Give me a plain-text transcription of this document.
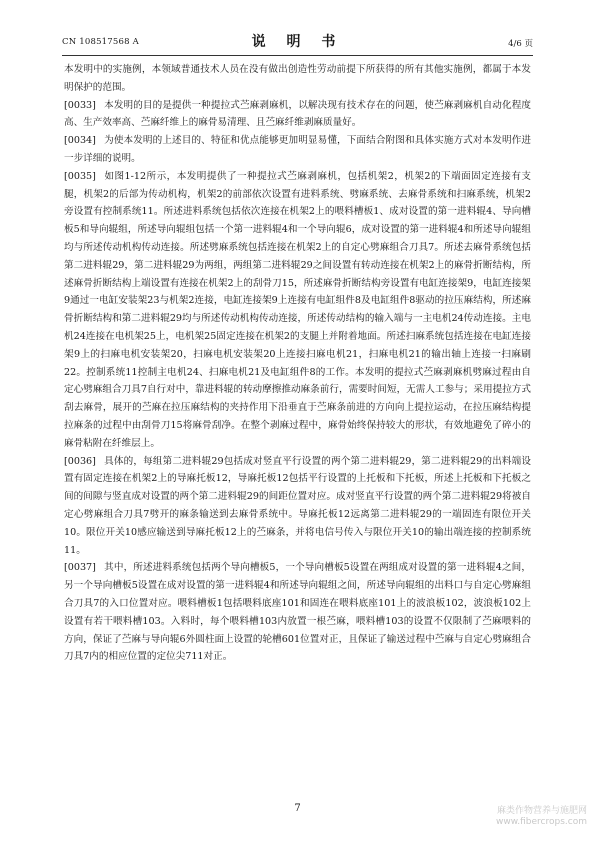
CN 108517568 A	说 明 书	4/6 页

本发明中的实施例，本领域普通技术人员在没有做出创造性劳动前提下所获得的所有其他实施例，都属于本发明保护的范围。

[0033] 本发明的目的是提供一种提拉式苎麻剥麻机，以解决现有技术存在的问题，使苎麻剥麻机自动化程度高、生产效率高、苎麻纤维上的麻骨易清理、且苎麻纤维剥麻质量好。

[0034] 为使本发明的上述目的、特征和优点能够更加明显易懂，下面结合附图和具体实施方式对本发明作进一步详细的说明。

[0035] 如图1-12所示，本发明提供了一种提拉式苎麻剥麻机，包括机架2，机架2的下端面固定连接有支腿，机架2的后部为传动机构，机架2的前部依次设置有进料系统、劈麻系统、去麻骨系统和扫麻系统，机架2旁设置有控制系统11。所述进料系统包括依次连接在机架2上的喂料槽板1、成对设置的第一进料辊4、导向槽板5和导向辊组，所述导向辊组包括一个第一进料辊4和一个导向辊6，成对设置的第一进料辊4和所述导向辊组均与所述传动机构传动连接。所述劈麻系统包括连接在机架2上的自定心劈麻组合刀具7。所述去麻骨系统包括第二进料辊29，第二进料辊29为两组，两组第二进料辊29之间设置有转动连接在机架2上的麻骨折断结构，所述麻骨折断结构上端设置有连接在机架2上的刮骨刀15，所述麻骨折断结构旁设置有电缸连接架9，电缸连接架9通过一电缸安装架23与机架2连接，电缸连接架9上连接有电缸组件8及电缸组件8驱动的拉压麻结构，所述麻骨折断结构和第二进料辊29均与所述传动机构传动连接，所述传动结构的输入端与一主电机24传动连接。主电机24连接在电机架25上，电机架25固定连接在机架2的支腿上并附着地面。所述扫麻系统包括连接在电缸连接架9上的扫麻电机安装架20，扫麻电机安装架20上连接扫麻电机21，扫麻电机21的输出轴上连接一扫麻刷22。控制系统11控制主电机24、扫麻电机21及电缸组件8的工作。本发明的提拉式苎麻剥麻机劈麻过程由自定心劈麻组合刀具7自行对中，靠进料辊的转动摩擦推动麻条前行，需要时间短，无需人工参与；采用提拉方式刮去麻骨，展开的苎麻在拉压麻结构的夹持作用下沿垂直于苎麻条前进的方向向上提拉运动，在拉压麻结构提拉麻条的过程中由刮骨刀15将麻骨刮净。在整个剥麻过程中，麻骨始终保持较大的形状，有效地避免了碎小的麻骨粘附在纤维层上。

[0036] 具体的，每组第二进料辊29包括成对竖直平行设置的两个第二进料辊29，第二进料辊29的出料端设置有固定连接在机架2上的导麻托板12，导麻托板12包括平行设置的上托板和下托板，所述上托板和下托板之间的间隙与竖直成对设置的两个第二进料辊29的间距位置对应。成对竖直平行设置的两个第二进料辊29将被自定心劈麻组合刀具7劈开的麻条输送到去麻骨系统中。导麻托板12远离第二进料辊29的一端固连有限位开关10。限位开关10感应输送到导麻托板12上的苎麻条，并将电信号传入与限位开关10的输出端连接的控制系统11。

[0037] 其中，所述进料系统包括两个导向槽板5，一个导向槽板5设置在两组成对设置的第一进料辊4之间，另一个导向槽板5设置在成对设置的第一进料辊4和所述导向辊组之间，所述导向辊组的出料口与自定心劈麻组合刀具7的入口位置对应。喂料槽板1包括喂料底座101和固连在喂料底座101上的波浪板102，波浪板102上设置有若干喂料槽103。入料时，每个喂料槽103内放置一根苎麻，喂料槽103的设置不仅限制了苎麻喂料的方向，保证了苎麻与导向辊6外圆柱面上设置的轮槽601位置对正，且保证了输送过程中苎麻与自定心劈麻组合刀具7内的相应位置的定位尖711对正。

7	麻类作物营养与施肥网
www.fibercrops.com
